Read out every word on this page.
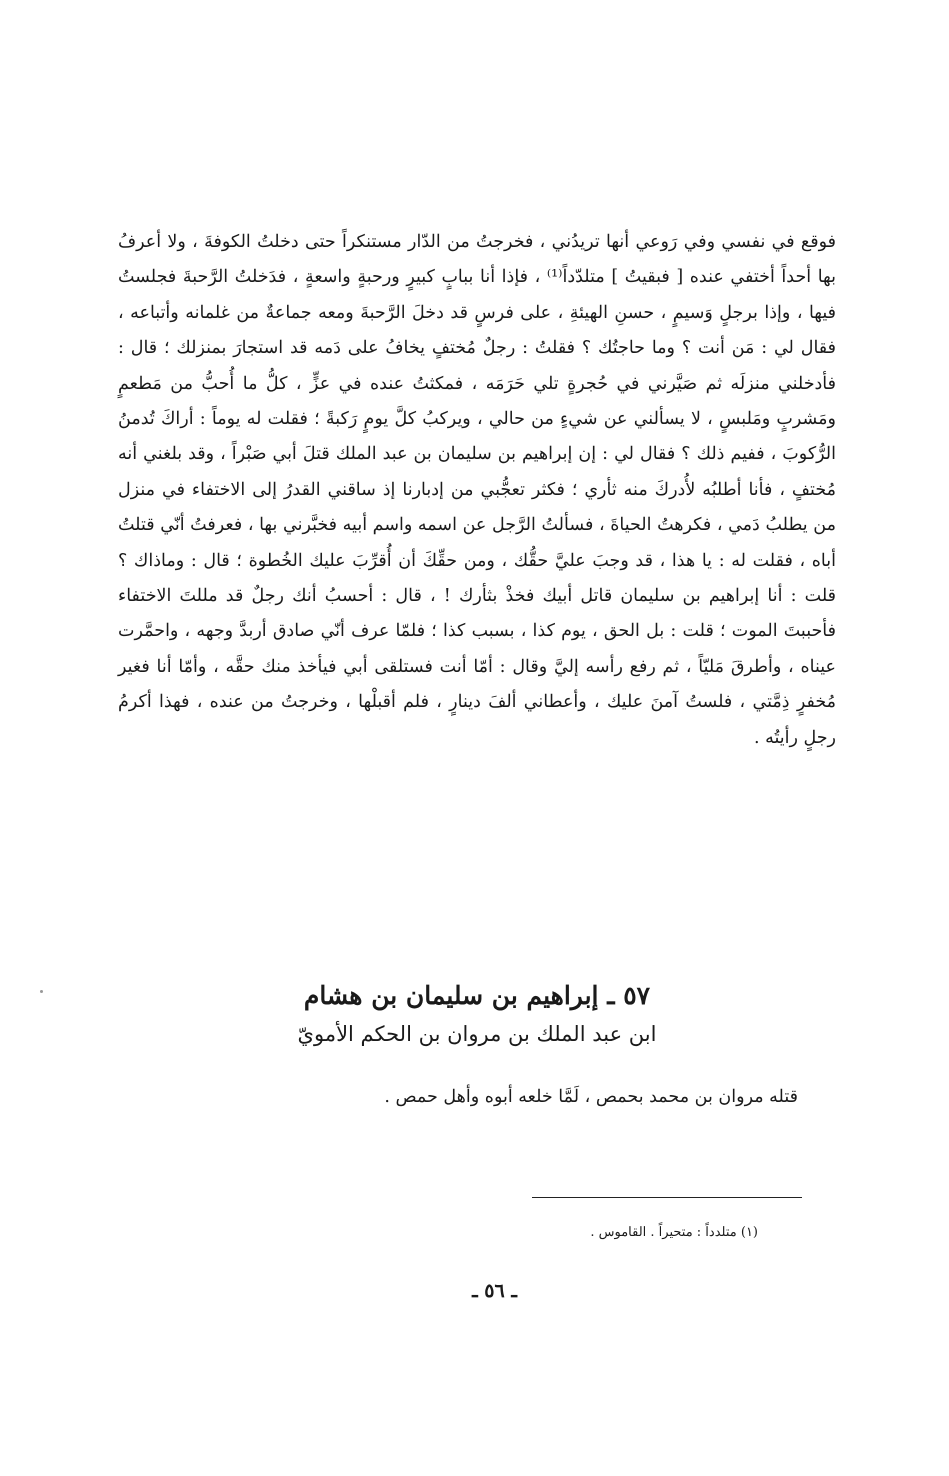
فوقع في نفسي وفي رَوعي أنها تريدُني ، فخرجتُ من الدّار مستنكراً حتى دخلتُ الكوفةَ ، ولا أعرفُ بها أحداً أختفي عنده [ فبقيتُ ] متلدّداً⁽¹⁾ ، فإذا أنا ببابٍ كبيرٍ ورحبةٍ واسعةٍ ، فدَخلتُ الرَّحبةَ فجلستُ فيها ، وإذا برجلٍ وَسيمٍ ، حسنِ الهيئةِ ، على فرسٍ قد دخلَ الرَّحبةَ ومعه جماعةٌ من غلمانه وأتباعه ، فقال لي : مَن أنت ؟ وما حاجتُك ؟ فقلتُ : رجلٌ مُختفٍ يخافُ على دَمه قد استجارَ بمنزلك ؛ قال : فأدخلني منزلَه ثم صَيَّرني في حُجرةٍ تلي حَرَمَه ، فمكثتُ عنده في عزٍّ ، كلُّ ما أُحبُّ من مَطعمٍ ومَشربٍ ومَلبسٍ ، لا يسألني عن شيءٍ من حالي ، ويركبُ كلَّ يومٍ رَكبةً ؛ فقلت له يوماً : أراكَ تُدمنُ الرُّكوبَ ، ففيم ذلك ؟ فقال لي : إن إبراهيم بن سليمان بن عبد الملك قتلَ أبي صَبْراً ، وقد بلغني أنه مُختفٍ ، فأنا أطلبُه لأُدركَ منه ثأري ؛ فكثر تعجُّبي من إدبارنا إذ ساقني القدرُ إلى الاختفاء في منزل من يطلبُ دَمي ، فكرهتُ الحياةَ ، فسألتُ الرَّجل عن اسمه واسم أبيه فخبَّرني بها ، فعرفتُ أنّي قتلتُ أباه ، فقلت له : يا هذا ، قد وجبَ عليَّ حقُّك ، ومن حقِّكَ أن أُقرِّبَ عليك الخُطوة ؛ قال : وماذاك ؟ قلت : أنا إبراهيم بن سليمان قاتل أبيك فخذْ بثأرك ! ، قال : أحسبُ أنك رجلٌ قد مللتَ الاختفاء فأحببتَ الموت ؛ قلت : بل الحق ، يوم كذا ، بسبب كذا ؛ فلمّا عرف أنّي صادق أربدَّ وجهه ، واحمَّرت عيناه ، وأطرقَ مَليّاً ، ثم رفع رأسه إليَّ وقال : أمّا أنت فستلقى أبي فيأخذ منك حقَّه ، وأمّا أنا فغير مُخفرٍ ذِمَّتي ، فلستُ آمنَ عليك ، وأعطاني ألفَ دينارٍ ، فلم أقبلْها ، وخرجتُ من عنده ، فهذا أكرمُ رجلٍ رأيتُه .

٥٧ ـ إبراهيم بن سليمان بن هشام
ابن عبد الملك بن مروان بن الحكم الأمويّ
قتله مروان بن محمد بحمص ، لَمَّا خلعه أبوه وأهل حمص .
(١) متلدداً : متحيراً . القاموس .
ـ ٥٦ ـ
